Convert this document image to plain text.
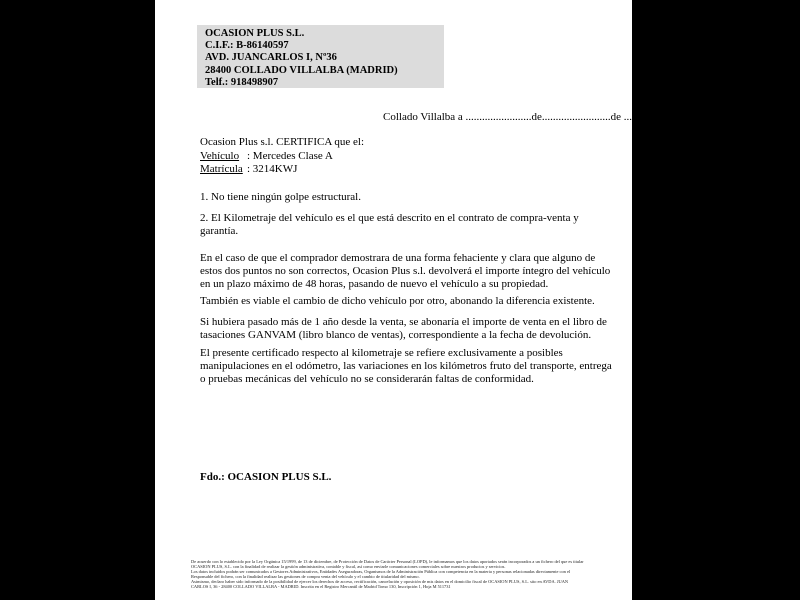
OCASION PLUS S.L.
C.I.F.: B-86140597
AVD. JUANCARLOS I, Nº36
28400 COLLADO VILLALBA (MADRID)
Telf.: 918498907
Collado Villalba a ........................de.........................de ..........
Ocasion Plus s.l. CERTIFICA que el:
Vehículo : Mercedes Clase A
Matrícula : 3214KWJ
1. No tiene ningún golpe estructural.
2. El Kilometraje del vehículo es el que está descrito en el contrato de compra-venta y garantía.
En el caso de que el comprador demostrara de una forma fehaciente y clara que alguno de estos dos puntos no son correctos, Ocasion Plus s.l. devolverá el importe íntegro del vehículo en un plazo máximo de 48 horas, pasando de nuevo el vehículo a su propiedad.
También es viable el cambio de dicho vehículo por otro, abonando la diferencia existente.
Si hubiera pasado más de 1 año desde la venta, se abonaría el importe de venta en el libro de tasaciones GANVAM (libro blanco de ventas), correspondiente a la fecha de devolución.
El presente certificado respecto al kilometraje se refiere exclusivamente a posibles manipulaciones en el odómetro, las variaciones en los kilómetros fruto del transporte, entrega o pruebas mecánicas del vehículo no se considerarán faltas de conformidad.
Fdo.: OCASION PLUS S.L.
De acuerdo con lo establecido por la Ley Orgánica 15/1999, de 13 de diciembre, de Protección de Datos de Carácter Personal (LOPD), le informamos que los datos aportados serán incorporados a un fichero del que es titular
OCASIÓN PLUS, S.L. con la finalidad de realizar la gestión administrativa, contable y fiscal, así como enviarle comunicaciones comerciales sobre nuestros productos y servicios.
Los datos incluidos podrán ser comunicados a Gestores Administrativos, Entidades Aseguradoras, Organismos de la Administración Pública con competencia en la materia y personas relacionadas directamente con el
Responsable del fichero, con la finalidad realizar las gestiones de compra venta del vehículo y el cambio de titularidad del mismo.
Asimismo, declaro haber sido informado de la posibilidad de ejercer los derechos de acceso, rectificación, cancelación y oposición de mis datos en el domicilio fiscal de OCASIÓN PLUS, S.L. sito en AVDA. JUAN
CARLOS I, 36 - 28400 COLLADO VILLALBA - MADRID. Inscrita en el Registro Mercantil de Madrid Tomo 130, Inscripción 1, Hoja M 511731
